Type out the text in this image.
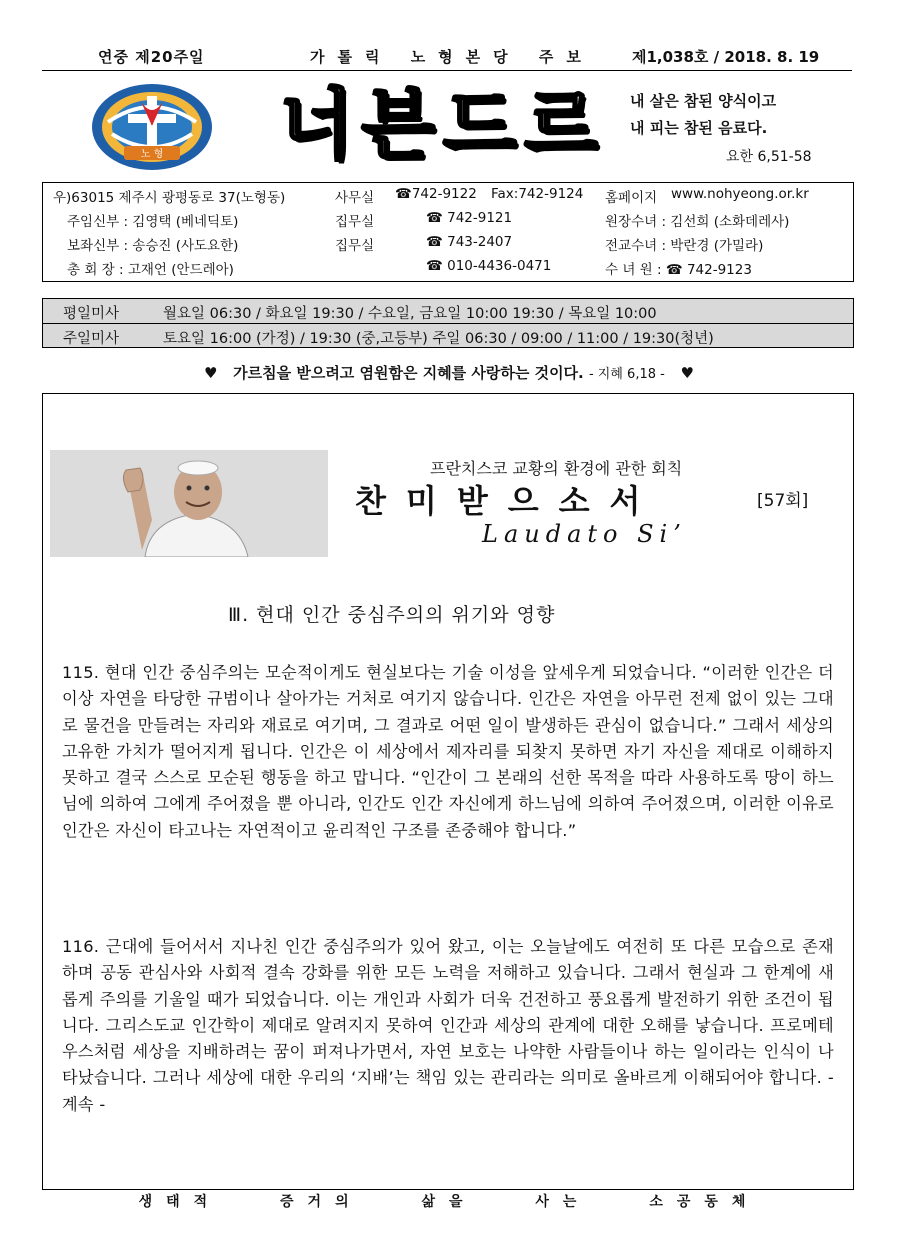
연중 제20주일	가톨릭 노형본당 주보	제1,038호 / 2018. 8. 19
노 형 너븐드르 내 살은 참된 양식이고
내 피는 참된 음료다.
요한 6,51-58
우)63015 제주시 광평동로 37(노형동)	사무실 ☎742-9122 Fax:742-9124 홈페이지 www.nohyeong.or.kr
주임신부 : 김영택 (베네딕토)	집무실	☎ 742-9121	원장수녀 : 김선희 (소화데레사)
보좌신부 : 송승진 (사도요한)	집무실	☎ 743-2407	전교수녀 : 박란경 (가밀라)
총 회 장 : 고재언 (안드레아)	☎ 010-4436-0471	수 녀 원 : ☎ 742-9123
평일미사	월요일 06:30 / 화요일 19:30 / 수요일, 금요일 10:00 19:30 / 목요일 10:00
주일미사	토요일 16:00 (가정) / 19:30 (중,고등부) 주일 06:30 / 09:00 / 11:00 / 19:30(청년)
♥ 가르침을 받으려고 염원함은 지혜를 사랑하는 것이다. - 지혜 6,18 - ♥
프란치스코 교황의 환경에 관한 회칙
찬미받으소서	[57회]
Laudato Si’
Ⅲ. 현대 인간 중심주의의 위기와 영향
115. 현대 인간 중심주의는 모순적이게도 현실보다는 기술 이성을 앞세우게 되었습니다. “이러한 인간은 더 이상 자연을 타당한 규범이나 살아가는 거처로 여기지 않습니다. 인간은 자연을 아무런 전제 없이 있는 그대로 물건을 만들려는 자리와 재료로 여기며, 그 결과로 어떤 일이 발생하든 관심이 없습니다.” 그래서 세상의 고유한 가치가 떨어지게 됩니다. 인간은 이 세상에서 제자리를 되찾지 못하면 자기 자신을 제대로 이해하지 못하고 결국 스스로 모순된 행동을 하고 맙니다. “인간이 그 본래의 선한 목적을 따라 사용하도록 땅이 하느님에 의하여 그에게 주어졌을 뿐 아니라, 인간도 인간 자신에게 하느님에 의하여 주어졌으며, 이러한 이유로 인간은 자신이 타고나는 자연적이고 윤리적인 구조를 존중해야 합니다.”
116. 근대에 들어서서 지나친 인간 중심주의가 있어 왔고, 이는 오늘날에도 여전히 또 다른 모습으로 존재하며 공동 관심사와 사회적 결속 강화를 위한 모든 노력을 저해하고 있습니다. 그래서 현실과 그 한계에 새롭게 주의를 기울일 때가 되었습니다. 이는 개인과 사회가 더욱 건전하고 풍요롭게 발전하기 위한 조건이 됩니다. 그리스도교 인간학이 제대로 알려지지 못하여 인간과 세상의 관계에 대한 오해를 낳습니다. 프로메테우스처럼 세상을 지배하려는 꿈이 퍼져나가면서, 자연 보호는 나약한 사람들이나 하는 일이라는 인식이 나타났습니다. 그러나 세상에 대한 우리의 ‘지배’는 책임 있는 관리라는 의미로 올바르게 이해되어야 합니다. - 계속 -
생태적 증거의 삶을 사는 소공동체
